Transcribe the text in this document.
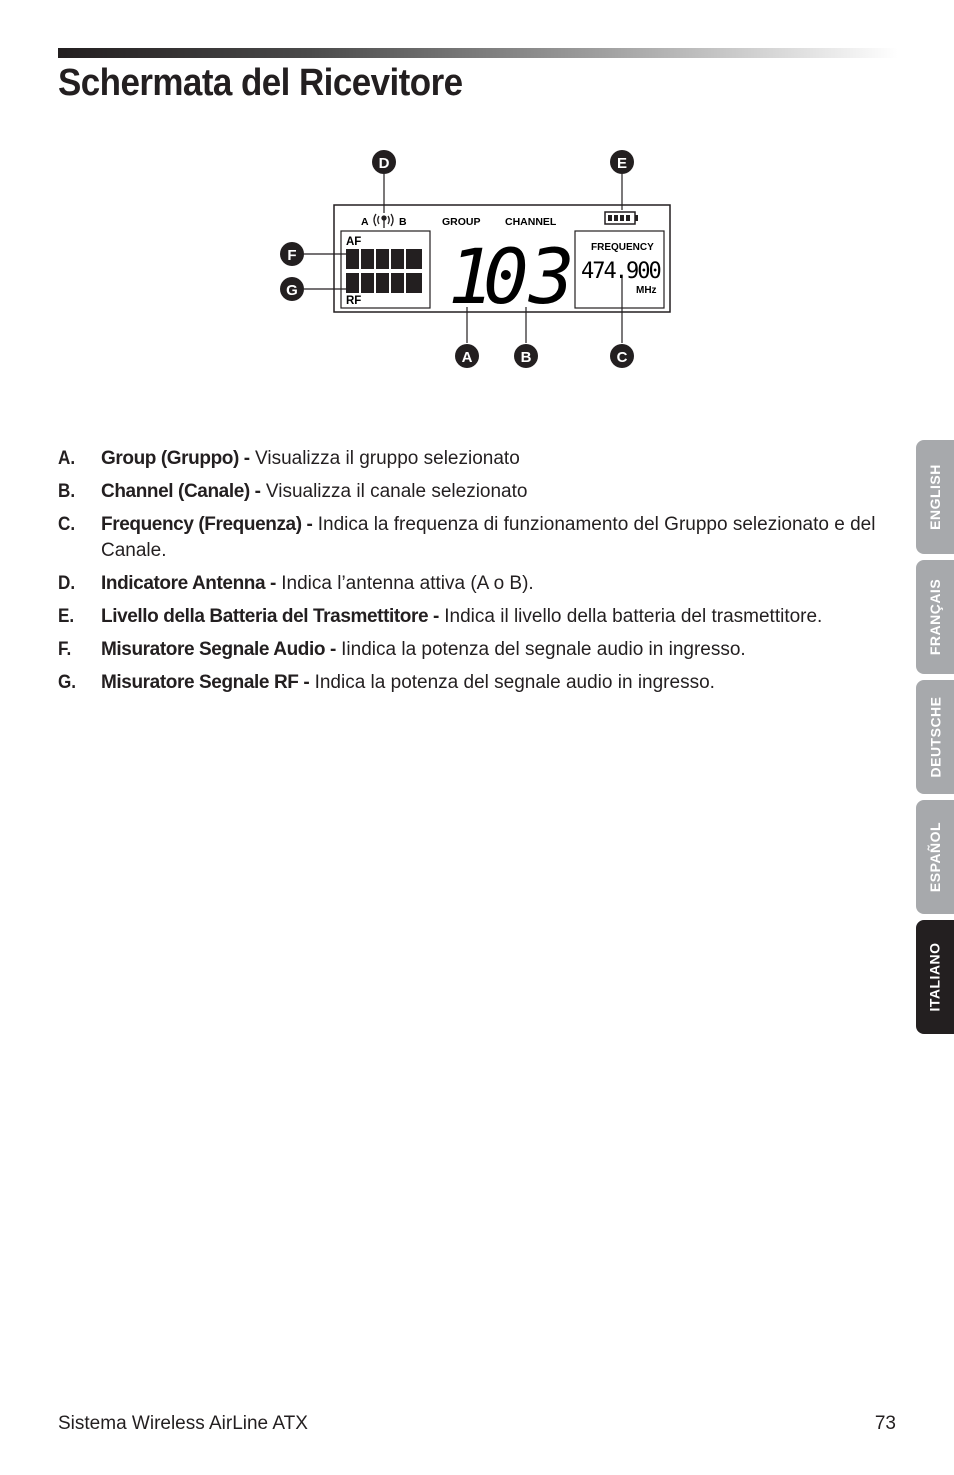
Schermata del Ricevitore
A	B	GROUP CHANNEL
AF
RF 1
03 FREQUENCY
474.900
MHz
D	E
F
G
A	B	C
A. Group (Gruppo) - Visualizza il gruppo selezionato
B. Channel (Canale) - Visualizza il canale selezionato
C. Frequency (Frequenza) - Indica la frequenza di funzionamento del Gruppo selezionato e del Canale.
D. Indicatore Antenna - Indica l’antenna attiva (A o B).
E. Livello della Batteria del Trasmettitore - Indica il livello della batteria del trasmettitore.
F. Misuratore Segnale Audio - Iindica la potenza del segnale audio in ingresso.
G. Misuratore Segnale RF - Indica la potenza del segnale audio in ingresso.
ENGLISH
FRANÇAIS
DEUTSCHE
ESPAÑOL
ITALIANO
Sistema Wireless AirLine ATX	73
